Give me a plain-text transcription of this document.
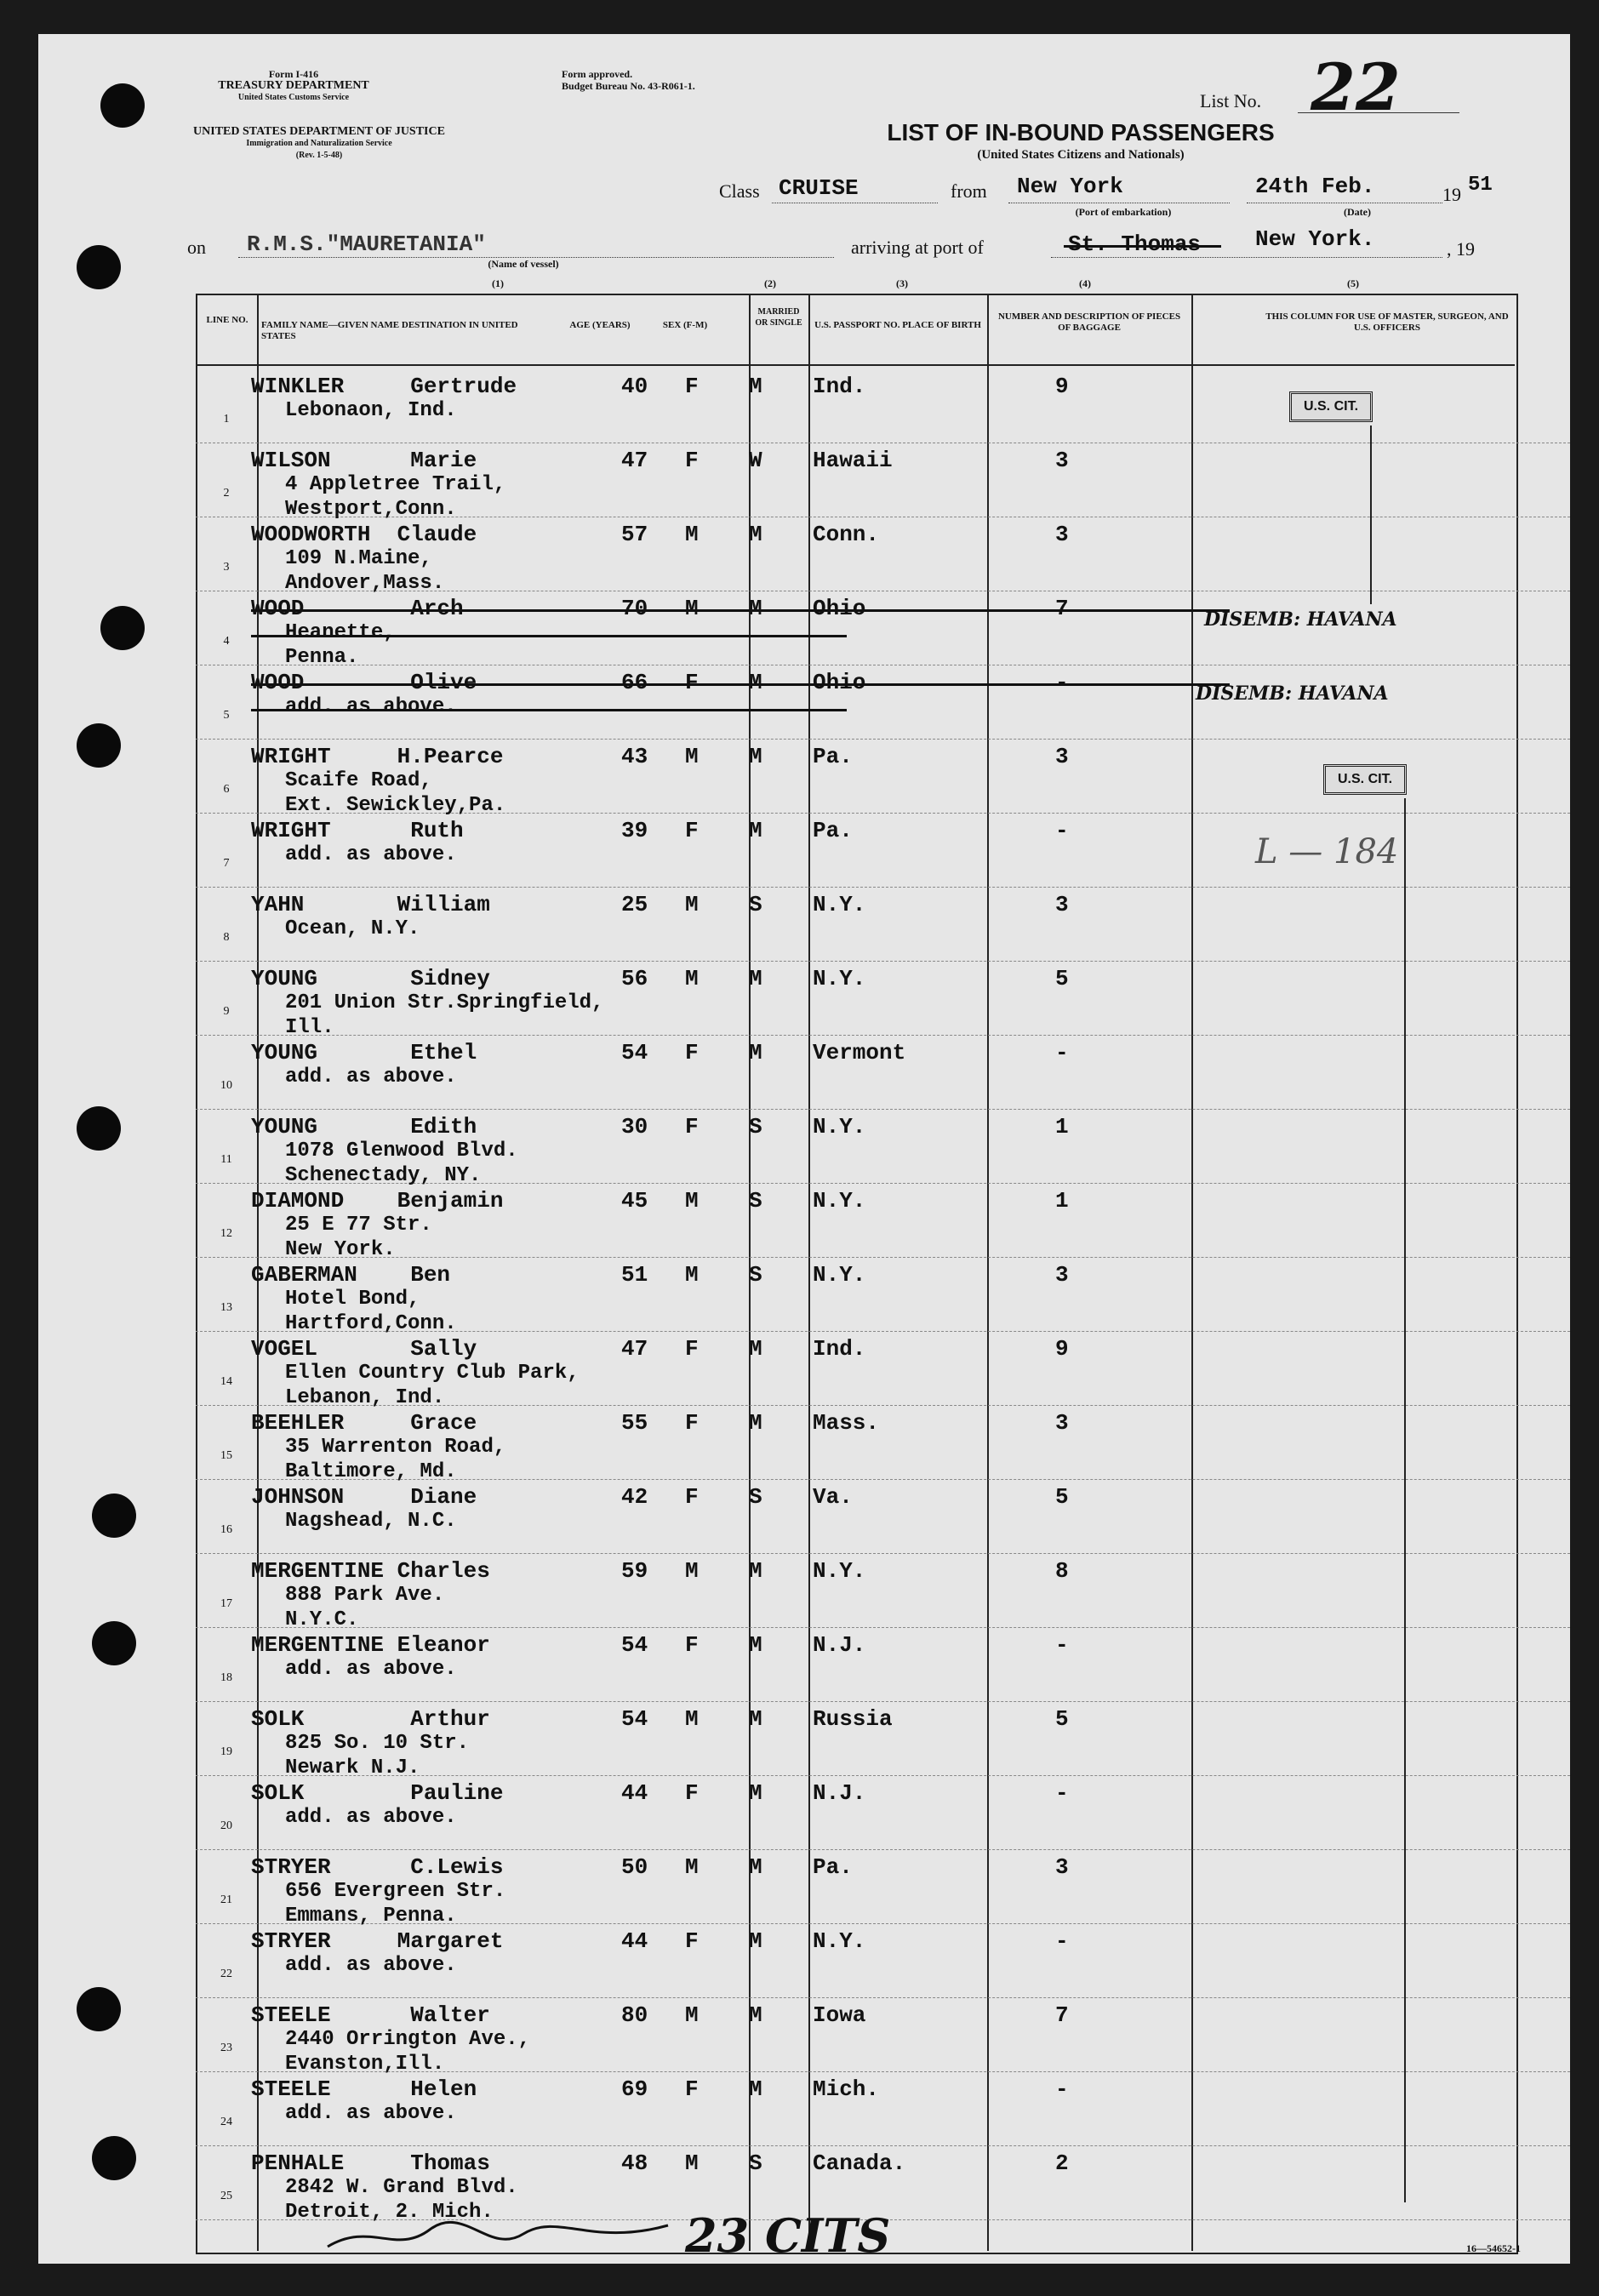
Form I-416
TREASURY DEPARTMENT
United States Customs Service
UNITED STATES DEPARTMENT OF JUSTICE
Immigration and Naturalization Service
(Rev. 1-5-48)
Form approved.
Budget Bureau No. 43-R061-1.
List No. 22
LIST OF IN-BOUND PASSENGERS
(United States Citizens and Nationals)
Class CRUISE	from New York
(Port of embarkation)
24th Feb.
(Date)
19 51
on R.M.S."MAURETANIA"
(Name of vessel)
arriving at port of	St. Thomas New York.	, 19
(1)	(2)	(3)	(4)	(5)
LINE NO.	FAMILY NAME—GIVEN NAME DESTINATION IN UNITED STATES
AGE (YEARS)	SEX (F-M)
MARRIED OR SINGLE	U.S. PASSPORT NO. PLACE OF BIRTH
NUMBER AND DESCRIPTION OF PIECES OF BAGGAGE
THIS COLUMN FOR USE OF MASTER, SURGEON, AND U.S. OFFICERS
1
WINKLER     Gertrude
Lebonaon, Ind.
40 F M Ind.	9
2
WILSON      Marie
4 Appletree Trail,
Westport,Conn.
47 F W Hawaii	3
3
WOODWORTH  Claude
109 N.Maine,
Andover,Mass.
57 M M Conn.	3
4
WOOD        Arch
Heanette,
Penna.
70 M M Ohio	7
5
WOOD        Olive
add. as above.
66 F M Ohio	-
6
WRIGHT     H.Pearce
Scaife Road,
Ext. Sewickley,Pa.
43 M M Pa.	3
7
WRIGHT      Ruth
add. as above.
39 F M Pa.	-
8
YAHN       William
Ocean, N.Y.
25 M S N.Y.	3
9
YOUNG       Sidney
201 Union Str.Springfield,
Ill.
56 M M N.Y.	5
10
YOUNG       Ethel
add. as above.
54 F M Vermont	-
11
YOUNG       Edith
1078 Glenwood Blvd.
Schenectady, NY.
30 F S N.Y.	1
12
DIAMOND    Benjamin
25 E 77 Str.
New York.
45 M S N.Y.	1
13
GABERMAN    Ben
Hotel Bond,
Hartford,Conn.
51 M S N.Y.	3
14
VOGEL       Sally
Ellen Country Club Park,
Lebanon, Ind.
47 F M Ind.	9
15
BEEHLER     Grace
35 Warrenton Road,
Baltimore, Md.
55 F M Mass.	3
16
JOHNSON     Diane
Nagshead, N.C.
42 F S Va.	5
17
MERGENTINE Charles
888 Park Ave.
N.Y.C.
59 M M N.Y.	8
18
MERGENTINE Eleanor
add. as above.
54 F M N.J.	-
19
SOLK        Arthur
825 So. 10 Str.
Newark N.J.
54 M M Russia	5
20
SOLK        Pauline
add. as above.
44 F M N.J.	-
21
STRYER      C.Lewis
656 Evergreen Str.
Emmans, Penna.
50 M M Pa.	3
22
STRYER     Margaret
add. as above.
44 F M N.Y.	-
23
STEELE      Walter
2440 Orrington Ave.,
Evanston,Ill.
80 M M Iowa	7
24
STEELE      Helen
add. as above.
69 F M Mich.	-
25
PENHALE     Thomas
2842 W. Grand Blvd.
Detroit, 2. Mich.
48 M S Canada.	2
U.S. CIT.
DISEMB: HAVANA
DISEMB: HAVANA
U.S. CIT.
L — 184
16—54652-1
23 CITS
